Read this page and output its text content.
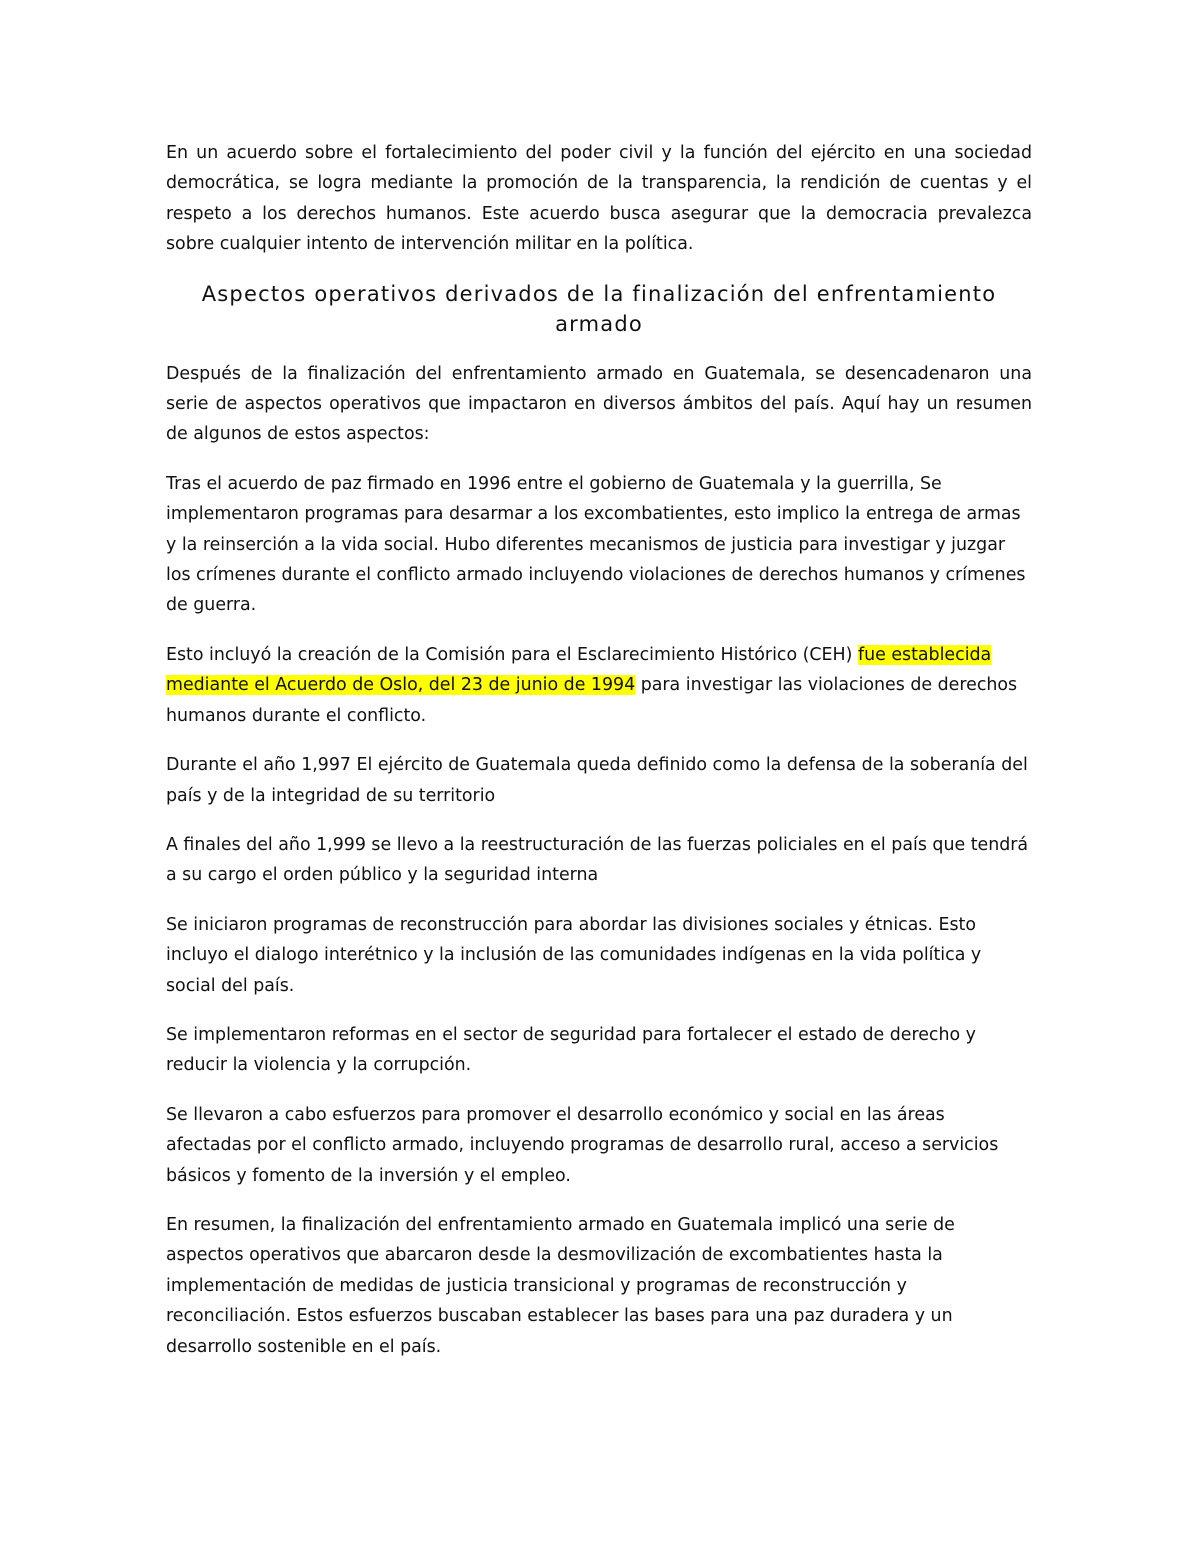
En un acuerdo sobre el fortalecimiento del poder civil y la función del ejército en una sociedad democrática, se logra mediante la promoción de la transparencia, la rendición de cuentas y el respeto a los derechos humanos. Este acuerdo busca asegurar que la democracia prevalezca sobre cualquier intento de intervención militar en la política.

Aspectos operativos derivados de la finalización del enfrentamiento armado

Después de la finalización del enfrentamiento armado en Guatemala, se desencadenaron una serie de aspectos operativos que impactaron en diversos ámbitos del país. Aquí hay un resumen de algunos de estos aspectos:

Tras el acuerdo de paz firmado en 1996 entre el gobierno de Guatemala y la guerrilla, Se implementaron programas para desarmar a los excombatientes, esto implico la entrega de armas y la reinserción a la vida social. Hubo diferentes mecanismos de justicia para investigar y juzgar los crímenes durante el conflicto armado incluyendo violaciones de derechos humanos y crímenes de guerra.

Esto incluyó la creación de la Comisión para el Esclarecimiento Histórico (CEH) fue establecida mediante el Acuerdo de Oslo, del 23 de junio de 1994 para investigar las violaciones de derechos humanos durante el conflicto.

Durante el año 1,997 El ejército de Guatemala queda definido como la defensa de la soberanía del país y de la integridad de su territorio

A finales del año 1,999 se llevo a la reestructuración de las fuerzas policiales en el país que tendrá a su cargo el orden público y la seguridad interna

Se iniciaron programas de reconstrucción para abordar las divisiones sociales y étnicas. Esto incluyo el dialogo interétnico y la inclusión de las comunidades indígenas en la vida política y social del país.

Se implementaron reformas en el sector de seguridad para fortalecer el estado de derecho y reducir la violencia y la corrupción.

Se llevaron a cabo esfuerzos para promover el desarrollo económico y social en las áreas afectadas por el conflicto armado, incluyendo programas de desarrollo rural, acceso a servicios básicos y fomento de la inversión y el empleo.

En resumen, la finalización del enfrentamiento armado en Guatemala implicó una serie de aspectos operativos que abarcaron desde la desmovilización de excombatientes hasta la implementación de medidas de justicia transicional y programas de reconstrucción y reconciliación. Estos esfuerzos buscaban establecer las bases para una paz duradera y un desarrollo sostenible en el país.
